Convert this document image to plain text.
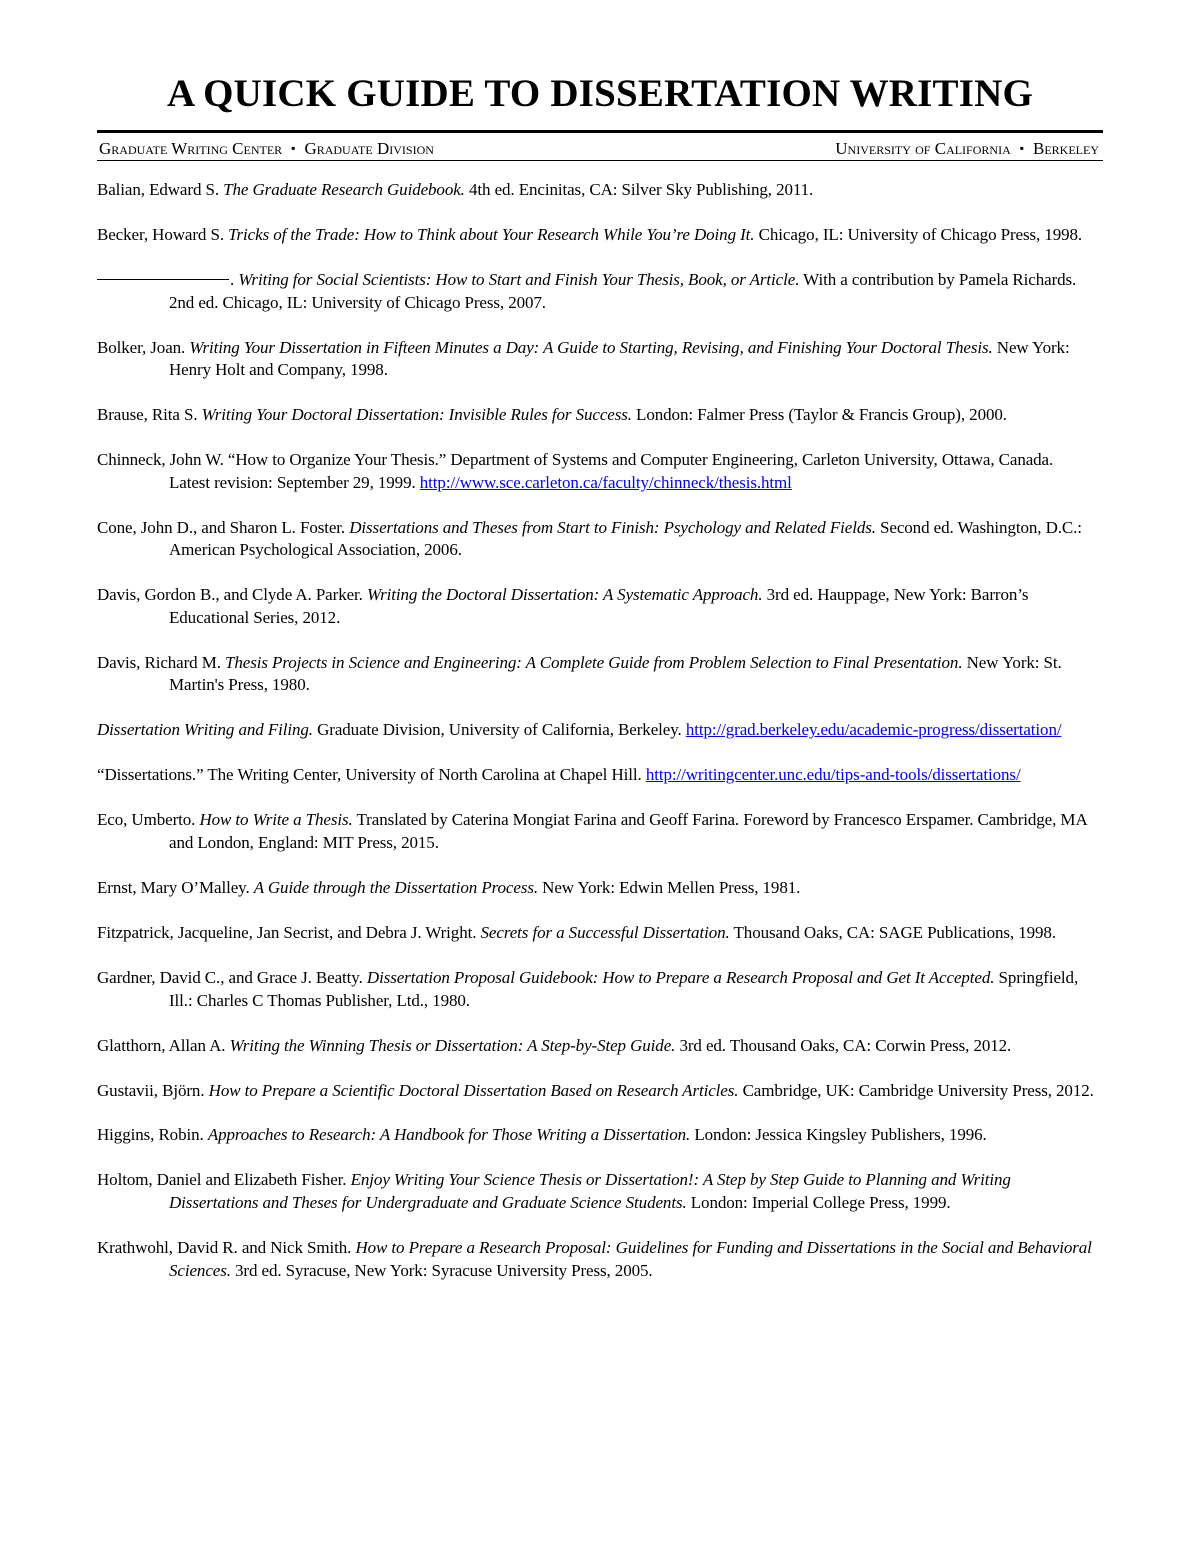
A QUICK GUIDE TO DISSERTATION WRITING
Graduate Writing Center ▪ Graduate Division	University of California ▪ Berkeley

Balian, Edward S. The Graduate Research Guidebook. 4th ed. Encinitas, CA: Silver Sky Publishing, 2011.

Becker, Howard S. Tricks of the Trade: How to Think about Your Research While You’re Doing It. Chicago, IL: University of Chicago Press, 1998.

. Writing for Social Scientists: How to Start and Finish Your Thesis, Book, or Article. With a contribution by Pamela Richards. 2nd ed. Chicago, IL: University of Chicago Press, 2007.

Bolker, Joan. Writing Your Dissertation in Fifteen Minutes a Day: A Guide to Starting, Revising, and Finishing Your Doctoral Thesis. New York: Henry Holt and Company, 1998.

Brause, Rita S. Writing Your Doctoral Dissertation: Invisible Rules for Success. London: Falmer Press (Taylor & Francis Group), 2000.

Chinneck, John W. “How to Organize Your Thesis.” Department of Systems and Computer Engineering, Carleton University, Ottawa, Canada. Latest revision: September 29, 1999. http://www.sce.carleton.ca/faculty/chinneck/thesis.html

Cone, John D., and Sharon L. Foster. Dissertations and Theses from Start to Finish: Psychology and Related Fields. Second ed. Washington, D.C.: American Psychological Association, 2006.

Davis, Gordon B., and Clyde A. Parker. Writing the Doctoral Dissertation: A Systematic Approach. 3rd ed. Hauppage, New York: Barron’s Educational Series, 2012.

Davis, Richard M. Thesis Projects in Science and Engineering: A Complete Guide from Problem Selection to Final Presentation. New York: St. Martin's Press, 1980.

Dissertation Writing and Filing. Graduate Division, University of California, Berkeley. http://grad.berkeley.edu/academic-progress/dissertation/

“Dissertations.” The Writing Center, University of North Carolina at Chapel Hill. http://writingcenter.unc.edu/tips-and-tools/dissertations/

Eco, Umberto. How to Write a Thesis. Translated by Caterina Mongiat Farina and Geoff Farina. Foreword by Francesco Erspamer. Cambridge, MA and London, England: MIT Press, 2015.

Ernst, Mary O’Malley. A Guide through the Dissertation Process. New York: Edwin Mellen Press, 1981.

Fitzpatrick, Jacqueline, Jan Secrist, and Debra J. Wright. Secrets for a Successful Dissertation. Thousand Oaks, CA: SAGE Publications, 1998.

Gardner, David C., and Grace J. Beatty. Dissertation Proposal Guidebook: How to Prepare a Research Proposal and Get It Accepted. Springfield, Ill.: Charles C Thomas Publisher, Ltd., 1980.

Glatthorn, Allan A. Writing the Winning Thesis or Dissertation: A Step-by-Step Guide. 3rd ed. Thousand Oaks, CA: Corwin Press, 2012.

Gustavii, Björn. How to Prepare a Scientific Doctoral Dissertation Based on Research Articles. Cambridge, UK: Cambridge University Press, 2012.

Higgins, Robin. Approaches to Research: A Handbook for Those Writing a Dissertation. London: Jessica Kingsley Publishers, 1996.

Holtom, Daniel and Elizabeth Fisher. Enjoy Writing Your Science Thesis or Dissertation!: A Step by Step Guide to Planning and Writing Dissertations and Theses for Undergraduate and Graduate Science Students. London: Imperial College Press, 1999.

Krathwohl, David R. and Nick Smith. How to Prepare a Research Proposal: Guidelines for Funding and Dissertations in the Social and Behavioral Sciences. 3rd ed. Syracuse, New York: Syracuse University Press, 2005.
